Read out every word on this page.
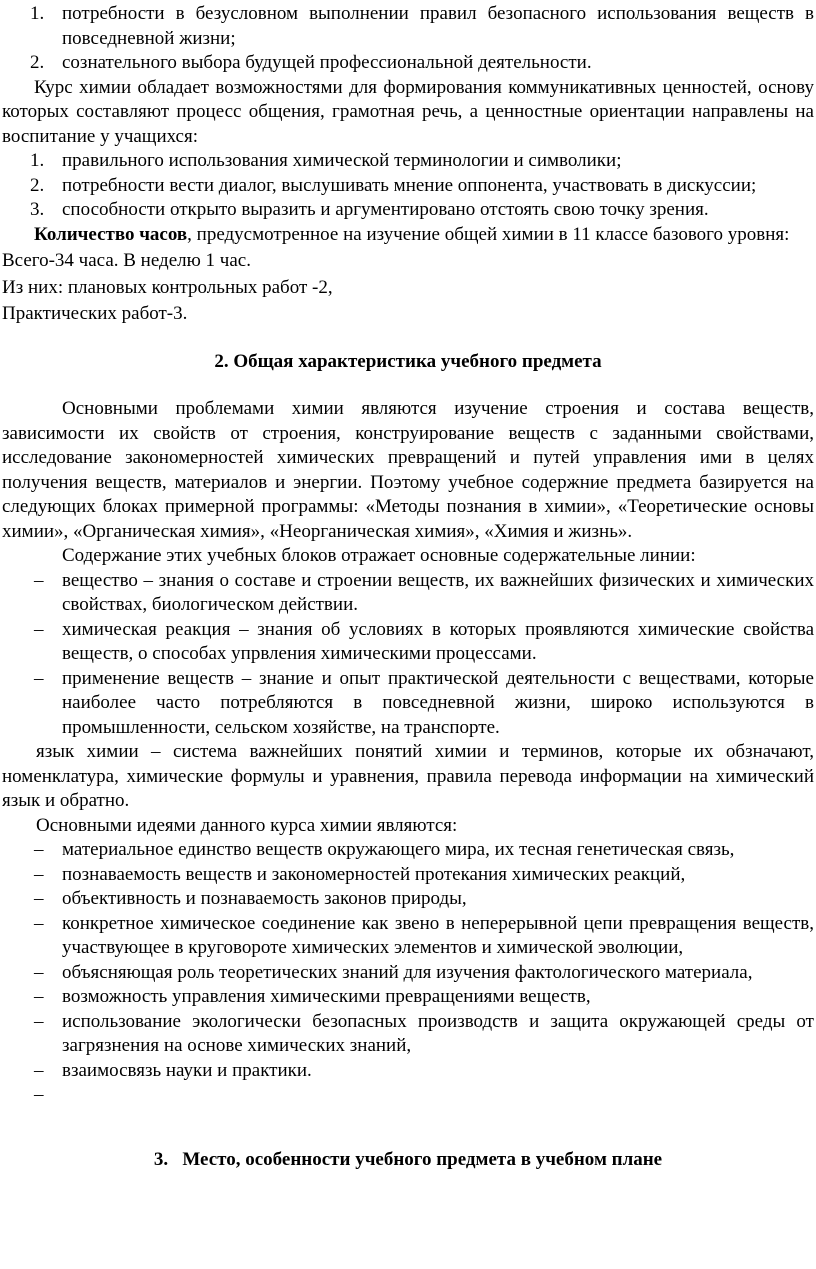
1. потребности в безусловном выполнении правил безопасного использования веществ в повседневной жизни;
2. сознательного выбора будущей профессиональной деятельности.

Курс химии обладает возможностями для формирования коммуникативных ценностей, основу которых составляют процесс общения, грамотная речь, а ценностные ориентации направлены на воспитание у учащихся:

1. правильного использования химической терминологии и символики;
2. потребности вести диалог, выслушивать мнение оппонента, участвовать в дискуссии;
3. способности открыто выразить и аргументировано отстоять свою точку зрения.

Количество часов, предусмотренное на изучение общей химии в 11 классе базового уровня:

Всего-34 часа. В неделю 1 час.

Из них: плановых контрольных работ -2,

Практических работ-3.

2. Общая характеристика учебного предмета

Основными проблемами химии являются изучение строения и состава веществ, зависимости их свойств от строения, конструирование веществ с заданными свойствами, исследование закономерностей химических превращений и путей управления ими в целях получения веществ, материалов и энергии. Поэтому учебное содержние предмета базируется на следующих блоках примерной программы: «Методы познания в химии», «Теоретические основы химии», «Органическая химия», «Неорганическая химия», «Химия и жизнь».

Содержание этих учебных блоков отражает основные содержательные линии:

– вещество – знания о составе и строении веществ, их важнейших физических и химических свойствах, биологическом действии.
– химическая реакция – знания об условиях в которых проявляются химические свойства веществ, о способах упрвления химическими процессами.
– применение веществ – знание и опыт практической деятельности с веществами, которые наиболее часто потребляются в повседневной жизни, широко используются в промышленности, сельском хозяйстве, на транспорте.

язык химии – система важнейших понятий химии и терминов, которые их обзначают, номенклатура, химические формулы и уравнения, правила перевода информации на химический язык и обратно.

Основными идеями данного курса химии являются:

– материальное единство веществ окружающего мира, их тесная генетическая связь,
– познаваемость веществ и закономерностей протекания химических реакций,
– объективность и познаваемость законов природы,
– конкретное химическое соединение как звено в неперерывной цепи превращения веществ, участвующее в круговороте химических элементов и химической эволюции,
– объясняющая роль теоретических знаний для изучения фактологического материала,
– возможность управления химическими превращениями веществ,
– использование экологически безопасных производств и защита окружающей среды от загрязнения на основе химических знаний,
– взаимосвязь науки и практики.
–
3.   Место, особенности учебного предмета в учебном плане
